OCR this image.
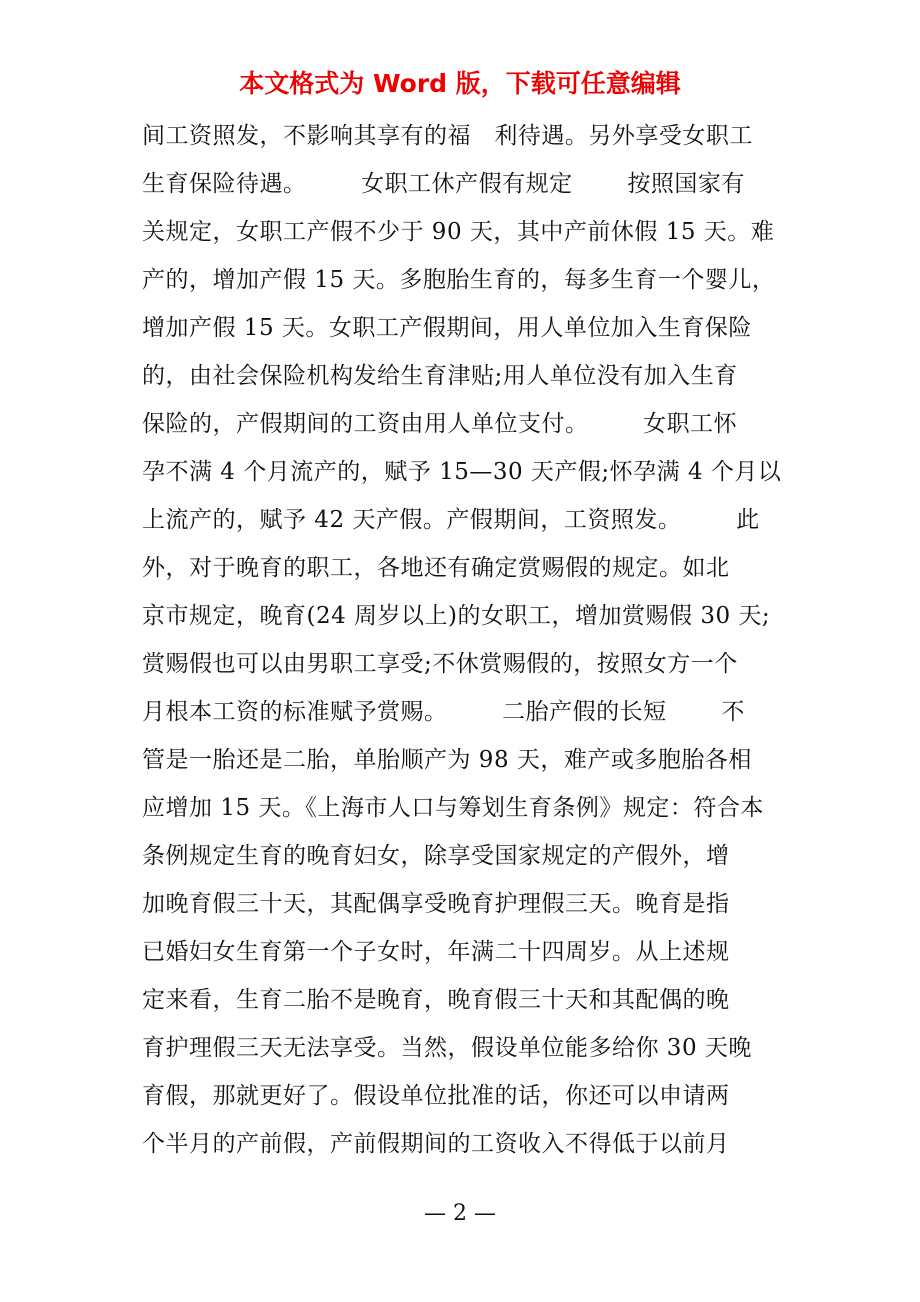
本文格式为 Word 版，下载可任意编辑
间工资照发，不影响其享有的福   利待遇。另外享受女职工
生育保险待遇。       女职工休产假有规定       按照国家有
关规定，女职工产假不少于 90 天，其中产前休假 15 天。难
产的，增加产假 15 天。多胞胎生育的，每多生育一个婴儿，
增加产假 15 天。女职工产假期间，用人单位加入生育保险
的，由社会保险机构发给生育津贴;用人单位没有加入生育
保险的，产假期间的工资由用人单位支付。       女职工怀
孕不满 4 个月流产的，赋予 15—30 天产假;怀孕满 4 个月以
上流产的，赋予 42 天产假。产假期间，工资照发。       此
外，对于晚育的职工，各地还有确定赏赐假的规定。如北
京市规定，晚育(24 周岁以上)的女职工，增加赏赐假 30 天;
赏赐假也可以由男职工享受;不休赏赐假的，按照女方一个
月根本工资的标准赋予赏赐。       二胎产假的长短       不
管是一胎还是二胎，单胎顺产为 98 天，难产或多胞胎各相
应增加 15 天。《上海市人口与筹划生育条例》规定：符合本
条例规定生育的晚育妇女，除享受国家规定的产假外，增
加晚育假三十天，其配偶享受晚育护理假三天。晚育是指
已婚妇女生育第一个子女时，年满二十四周岁。从上述规
定来看，生育二胎不是晚育，晚育假三十天和其配偶的晚
育护理假三天无法享受。当然，假设单位能多给你 30 天晚
育假，那就更好了。假设单位批准的话，你还可以申请两
个半月的产前假，产前假期间的工资收入不得低于以前月
— 2 —
